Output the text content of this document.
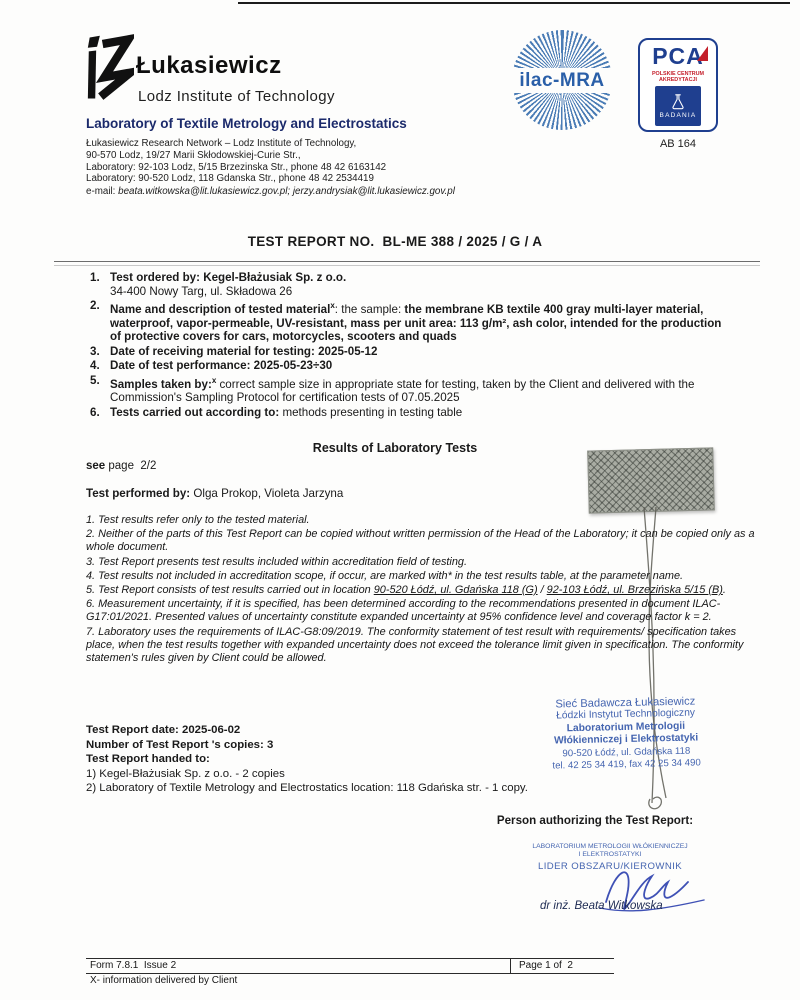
Łukasiewicz
Lodz Institute of Technology
Laboratory of Textile Metrology and Electrostatics
Łukasiewicz Research Network – Lodz Institute of Technology,
90-570 Lodz, 19/27 Marii Skłodowskiej-Curie Str.,
Laboratory: 92-103 Lodz, 5/15 Brzezinska Str., phone 48 42 6163142
Laboratory: 90-520 Lodz, 118 Gdanska Str., phone 48 42 2534419
e-mail: beata.witkowska@lit.lukasiewicz.gov.pl; jerzy.andrysiak@lit.lukasiewicz.gov.pl
ilac-MRA
PCA
POLSKIE CENTRUM
AKREDYTACJI
BADANIA
AB 164
TEST REPORT NO.  BL-ME 388 / 2025 / G / A
1. Test ordered by: Kegel-Błażusiak Sp. z o.o.
34-400 Nowy Targ, ul. Składowa 26
2. Name and description of tested material$^x$: the sample: the membrane KB textile 400 gray multi-layer material, waterproof, vapor-permeable, UV-resistant, mass per unit area: 113 g/m², ash color, intended for the production of protective covers for cars, motorcycles, scooters and quads
3. Date of receiving material for testing: 2025-05-12
4. Date of test performance: 2025-05-23÷30
5. Samples taken by:$^x$ correct sample size in appropriate state for testing, taken by the Client and delivered with the Commission's Sampling Protocol for certification tests of 07.05.2025
6. Tests carried out according to: methods presenting in testing table
Results of Laboratory Tests
see page  2/2
Test performed by: Olga Prokop, Violeta Jarzyna
1. Test results refer only to the tested material.
2. Neither of the parts of this Test Report can be copied without written permission of the Head of the Laboratory; it can be copied only as a whole document.
3. Test Report presents test results included within accreditation field of testing.
4. Test results not included in accreditation scope, if occur, are marked with* in the test results table, at the parameter name.
5. Test Report consists of test results carried out in location 90-520 Łódź, ul. Gdańska 118 (G) / 92-103 Łódź, ul. Brzezińska 5/15 (B).
6. Measurement uncertainty, if it is specified, has been determined according to the recommendations presented in document ILAC-G17:01/2021. Presented values of uncertainty constitute expanded uncertainty at 95% confidence level and coverage factor k = 2.
7. Laboratory uses the requirements of ILAC-G8:09/2019. The conformity statement of test result with requirements/ specification takes place, when the test results together with expanded uncertainty does not exceed the tolerance limit given in specification. The conformity statemen's rules given by Client could be allowed.
Test Report date: 2025-06-02
Number of Test Report 's copies: 3
Test Report handed to:
1) Kegel-Błażusiak Sp. z o.o. - 2 copies
2) Laboratory of Textile Metrology and Electrostatics location: 118 Gdańska str. - 1 copy.
Sieć Badawcza Łukasiewicz
Łódzki Instytut Technologiczny
Laboratorium Metrologii
Włókienniczej i Elektrostatyki
90-520 Łódź, ul. Gdańska 118
tel. 42 25 34 419, fax 42 25 34 490
Person authorizing the Test Report:
LABORATORIUM METROLOGII WŁÓKIENNICZEJ
I ELEKTROSTATYKI
LIDER OBSZARU/KIEROWNIK
dr inż. Beata Witkowska
Form 7.8.1  Issue 2	Page 1 of  2
X- information delivered by Client
